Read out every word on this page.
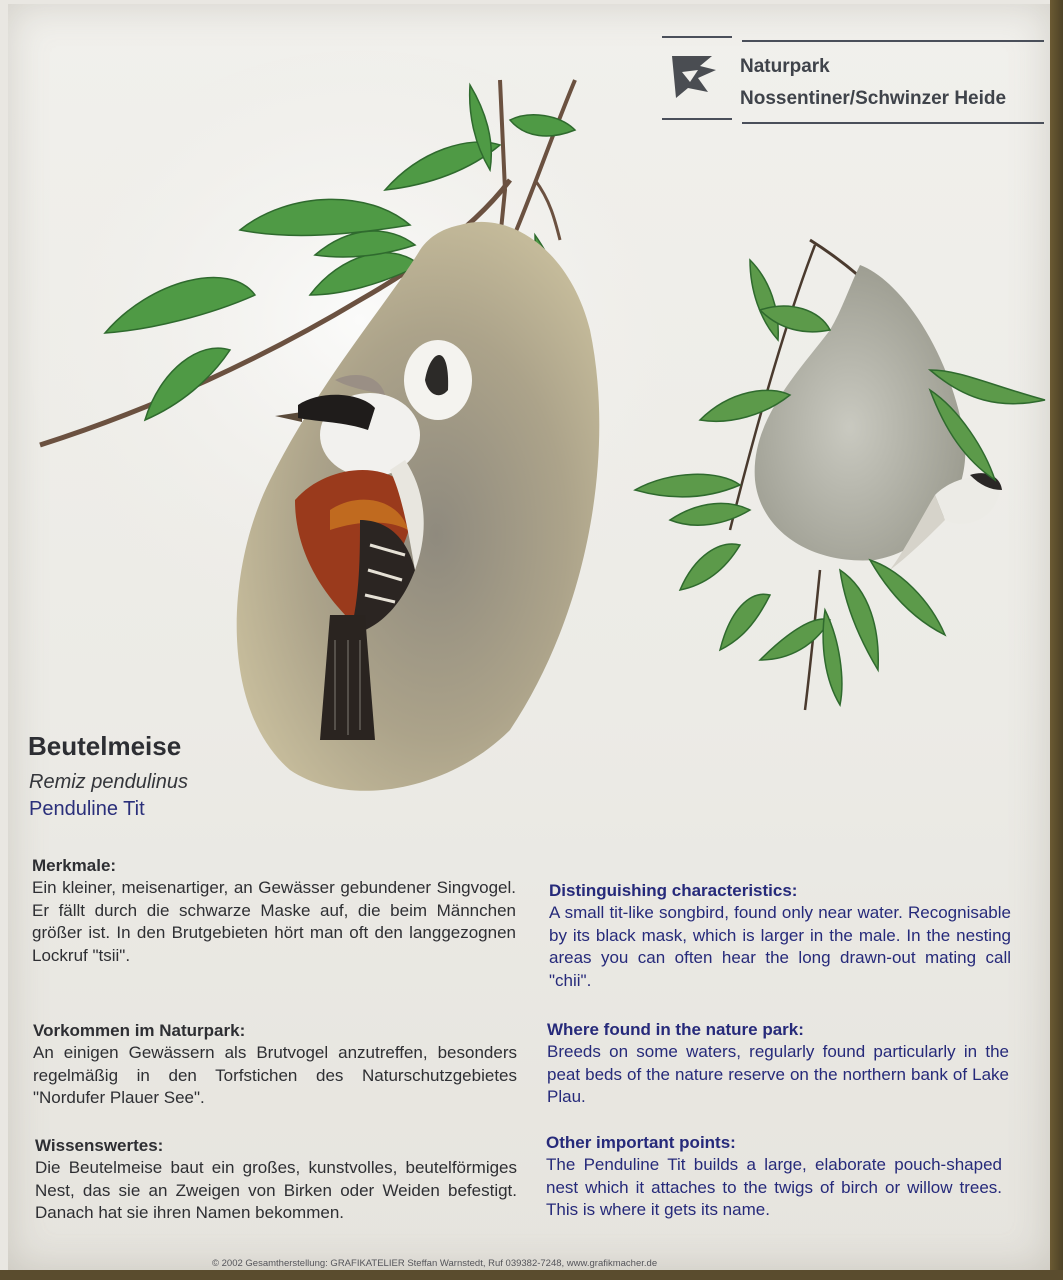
Naturpark
Nossentiner/Schwinzer Heide
Beutelmeise
Remiz pendulinus
Penduline Tit
Merkmale:
Ein kleiner, meisenartiger, an Gewässer gebundener Singvogel. Er fällt durch die schwarze Maske auf, die beim Männchen größer ist. In den Brutgebieten hört man oft den langgezognen Lockruf "tsii".
Vorkommen im Naturpark:
An einigen Gewässern als Brutvogel anzutreffen, besonders regelmäßig in den Torfstichen des Naturschutzgebietes "Nordufer Plauer See".
Wissenswertes:
Die Beutelmeise baut ein großes, kunstvolles, beutelförmiges Nest, das sie an Zweigen von Birken oder Weiden befestigt. Danach hat sie ihren Namen bekommen.
Distinguishing characteristics:
A small tit-like songbird, found only near water. Recognisable by its black mask, which is larger in the male. In the nesting areas you can often hear the long drawn-out mating call "chii".
Where found in the nature park:
Breeds on some waters, regularly found particularly in the peat beds of the nature reserve on the northern bank of Lake Plau.
Other important points:
The Penduline Tit builds a large, elaborate pouch-shaped nest which it attaches to the twigs of birch or willow trees. This is where it gets its name.
© 2002 Gesamtherstellung: GRAFIKATELIER Steffan Warnstedt, Ruf 039382-7248, www.grafikmacher.de
